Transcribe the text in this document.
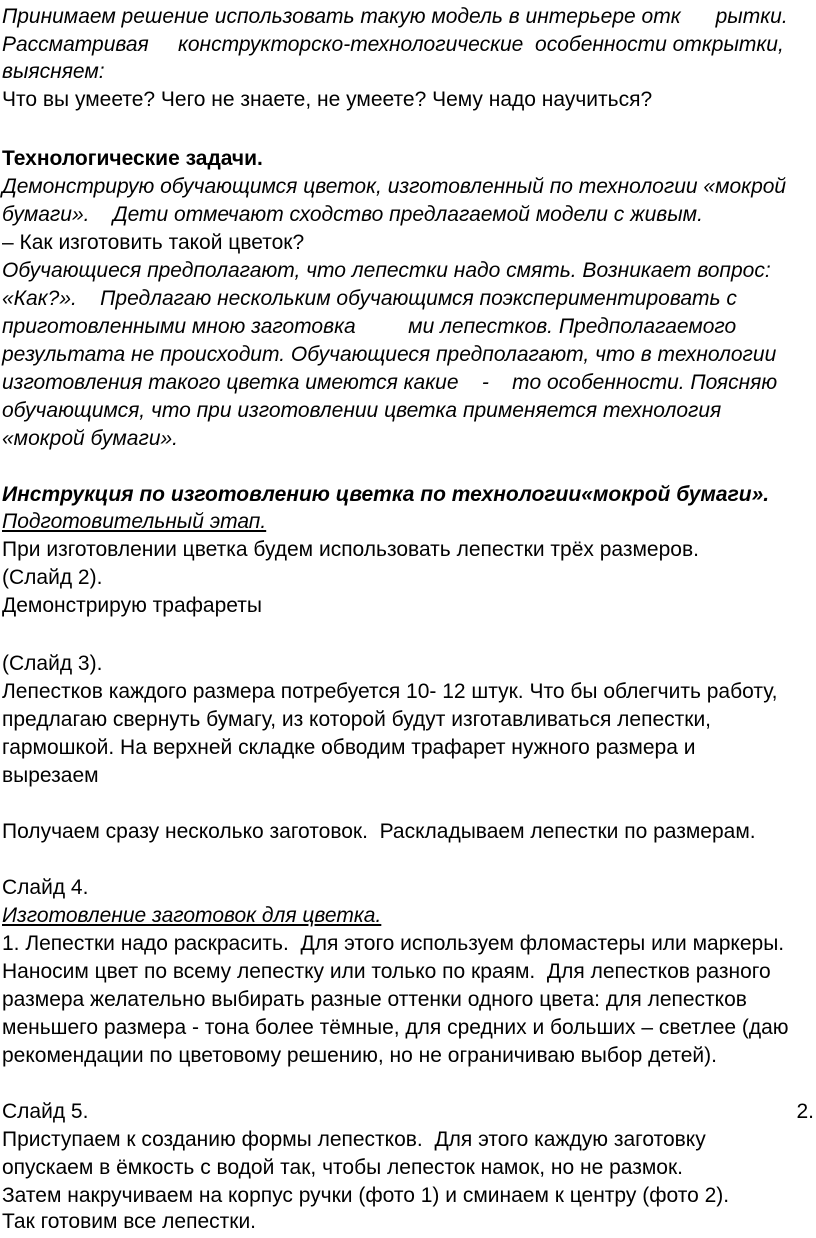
Принимаем решение использовать такую модель в интерьере отк      рытки.
Рассматривая     конструкторско-технологические  особенности открытки,
выясняем:
Что вы умеете? Чего не знаете, не умеете? Чему надо научиться?
Технологические задачи.
Демонстрирую обучающимся цветок, изготовленный по технологии «мокрой
бумаги».    Дети отмечают сходство предлагаемой модели с живым.
– Как изготовить такой цветок?
Обучающиеся предполагают, что лепестки надо смять. Возникает вопрос:
«Как?».    Предлагаю нескольким обучающимся поэкспериментировать с
приготовленными мною заготовка         ми лепестков. Предполагаемого
результата не происходит. Обучающиеся предполагают, что в технологии
изготовления такого цветка имеются какие    -    то особенности. Поясняю
обучающимся, что при изготовлении цветка применяется технология
«мокрой бумаги».
Инструкция по изготовлению цветка по технологии«мокрой бумаги».
Подготовительный этап.
При изготовлении цветка будем использовать лепестки трёх размеров.
(Слайд 2).
Демонстрирую трафареты
(Слайд 3).
Лепестков каждого размера потребуется 10- 12 штук. Что бы облегчить работу,
предлагаю свернуть бумагу, из которой будут изготавливаться лепестки,
гармошкой. На верхней складке обводим трафарет нужного размера и
вырезаем
Получаем сразу несколько заготовок.  Раскладываем лепестки по размерам.
Слайд 4.
Изготовление заготовок для цветка.
1. Лепестки надо раскрасить.  Для этого используем фломастеры или маркеры.
Наносим цвет по всему лепестку или только по краям.  Для лепестков разного
размера желательно выбирать разные оттенки одного цвета: для лепестков
меньшего размера - тона более тёмные, для средних и больших – светлее (даю
рекомендации по цветовому решению, но не ограничиваю выбор детей).
Слайд 5.	2.
Приступаем к созданию формы лепестков.  Для этого каждую заготовку
опускаем в ёмкость с водой так, чтобы лепесток намок, но не размок.
Затем накручиваем на корпус ручки (фото 1) и сминаем к центру (фото 2).
Так готовим все лепестки.
